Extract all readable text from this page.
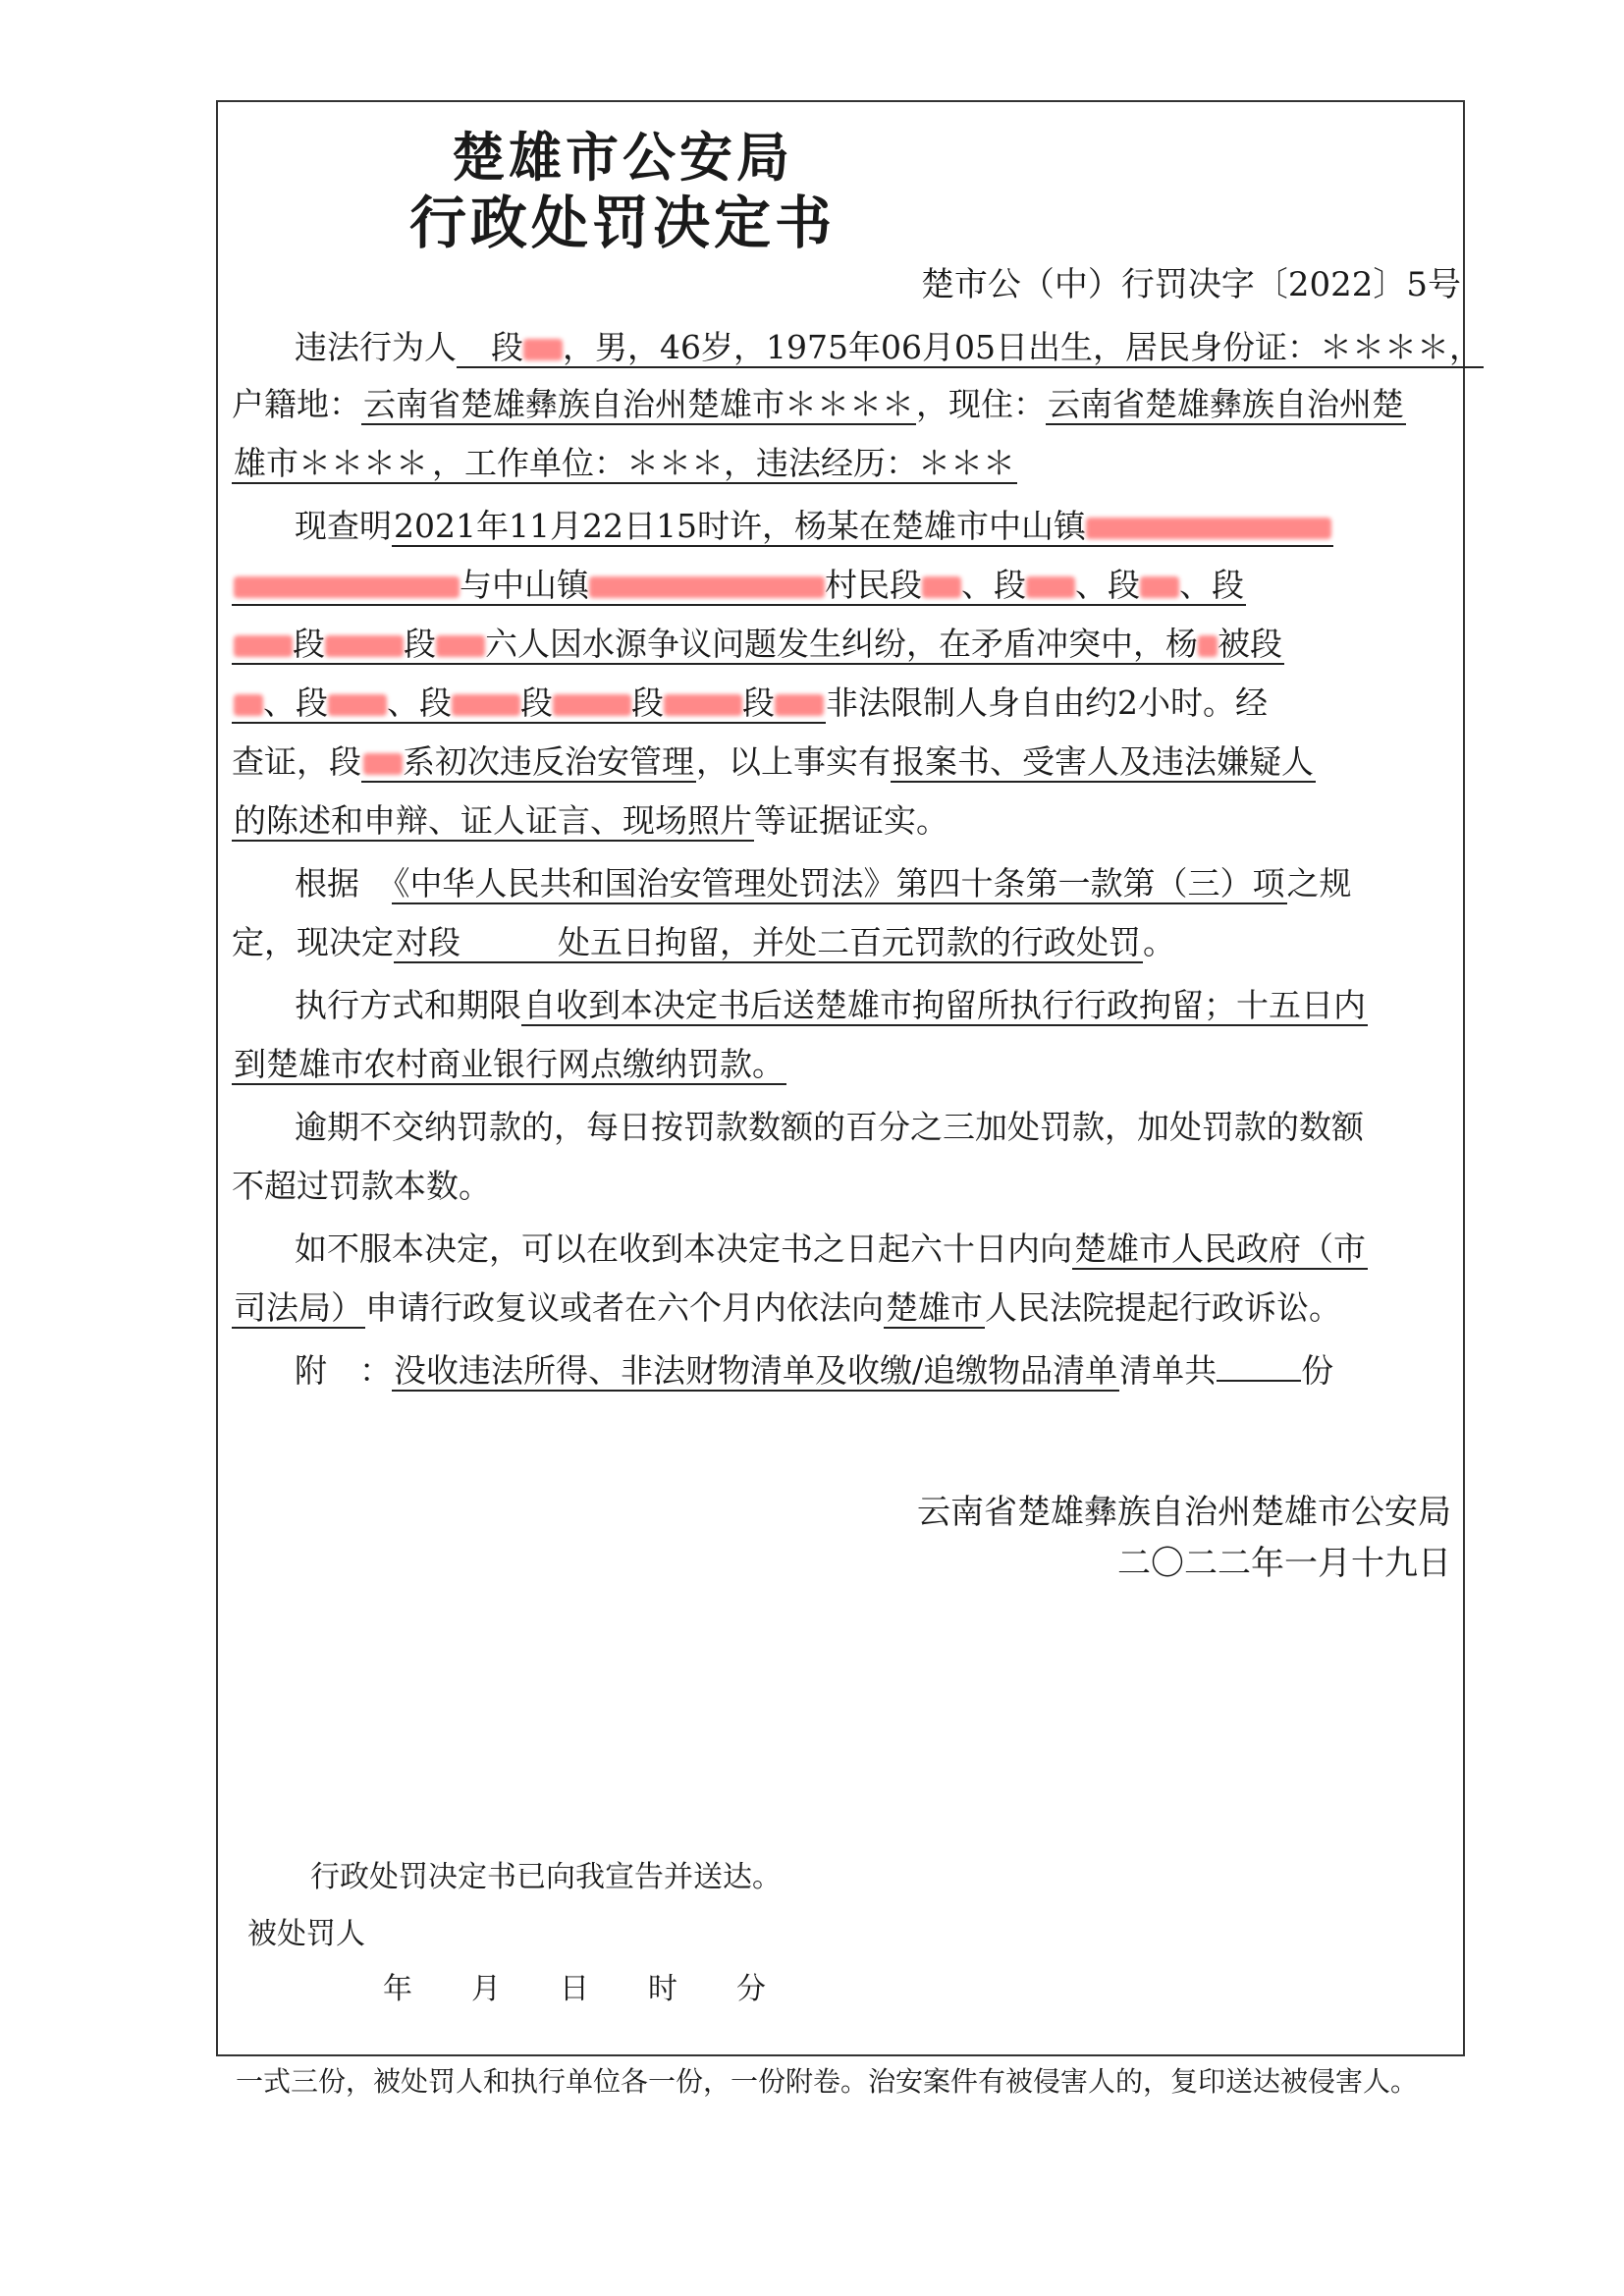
楚雄市公安局
行政处罚决定书
楚市公（中）行罚决字〔2022〕5号
违法行为人　 段 ，男，46岁，1975年06月05日出生，居民身份证：＊＊＊＊，
户籍地：云南省楚雄彝族自治州楚雄市＊＊＊＊，现住：云南省楚雄彝族自治州楚
雄市＊＊＊＊ ，工作单位：＊＊＊，违法经历：＊＊＊
现查明2021年11月22日15时许，杨某在楚雄市中山镇
与中山镇	村民段 、段 、段 、段
段 段 六人因水源争议问题发生纠纷，在矛盾冲突中，杨 被段
、段 、段 段 段 段 非法限制人身自由约2小时。经
查证，段 系初次违反治安管理，以上事实有报案书、受害人及违法嫌疑人
的陈述和申辩、证人证言、现场照片等证据证实。
根据　 《中华人民共和国治安管理处罚法》第四十条第一款第（三）项之规
定，现决定对段　　　	处五日拘留，并处二百元罚款的行政处罚。
执行方式和期限自收到本决定书后送楚雄市拘留所执行行政拘留；十五日内
到楚雄市农村商业银行网点缴纳罚款。
逾期不交纳罚款的，每日按罚款数额的百分之三加处罚款，加处罚款的数额
不超过罚款本数。
如不服本决定，可以在收到本决定书之日起六十日内向楚雄市人民政府（市
司法局）申请行政复议或者在六个月内依法向楚雄市人民法院提起行政诉讼。
附　：没收违法所得、非法财物清单及收缴/追缴物品清单清单共	份
云南省楚雄彝族自治州楚雄市公安局
二〇二二年一月十九日
行政处罚决定书已向我宣告并送达。
被处罚人
年　　月　　日　　时　　分
一式三份，被处罚人和执行单位各一份，一份附卷。治安案件有被侵害人的，复印送达被侵害人。
